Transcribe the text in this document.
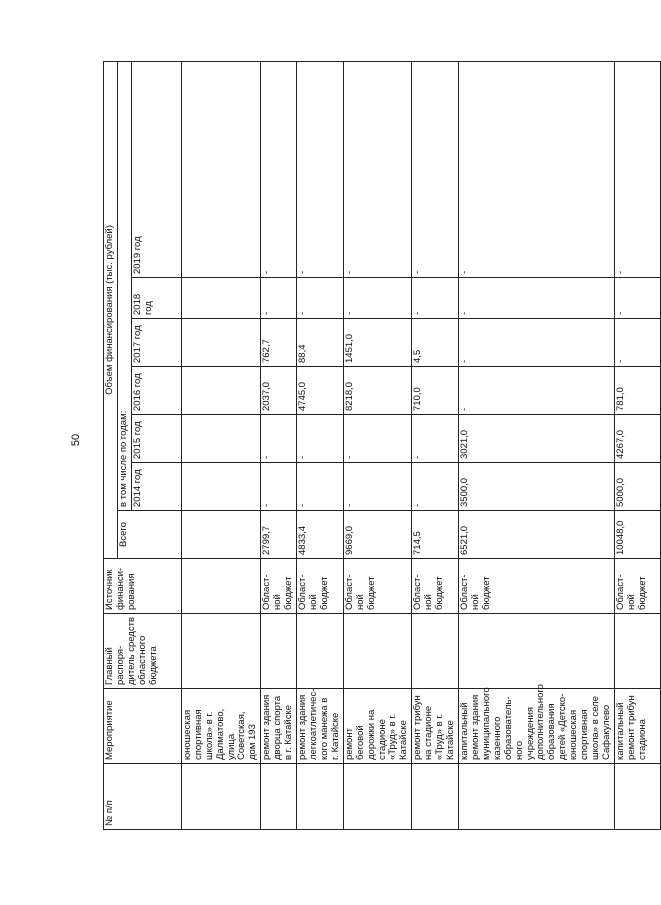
50
№ п/п	Мероприятие	Главный распоря-дитель средств областного бюджета	Источник финанси-рования	Объем финансирования (тыс. рублей)	
				Всего	в том числе по годам:						
					2014 год	2015 год	2016 год	2017 год	2018 год	2019 год	
	юношеская спортивная школа» в г. Далматово, улица Советская, дом 193										
	ремонт здания дворца спорта в г. Катайске		Област-ной бюджет	2799,7	-	-	2037,0	762,7	-	-	
	ремонт здания легкоатлетичес-кого манежа в г. Катайске		Област-ной бюджет	4833,4	-	-	4745,0	88,4	-	-	
	ремонт беговой дорожки на стадионе «Труд» в г. Катайске		Област-ной бюджет	9669,0	-	-	8218,0	1451,0	-	-	
	ремонт трибун на стадионе «Труд» в г. Катайске		Област-ной бюджет	714,5	-	-	710,0	4,5	-	-	
	капитальный ремонт здания муниципального казенного образователь-ного учреждения дополнительного образования детей «Детско-юношеская спортивная школа» в селе Сафакулево		Област-ной бюджет	6521,0	3500,0	3021,0	-	-	-	-	
	капитальный ремонт трибун стадиона		Област-ной бюджет	10048,0	5000,0	4267,0	781,0	-	-	-	
